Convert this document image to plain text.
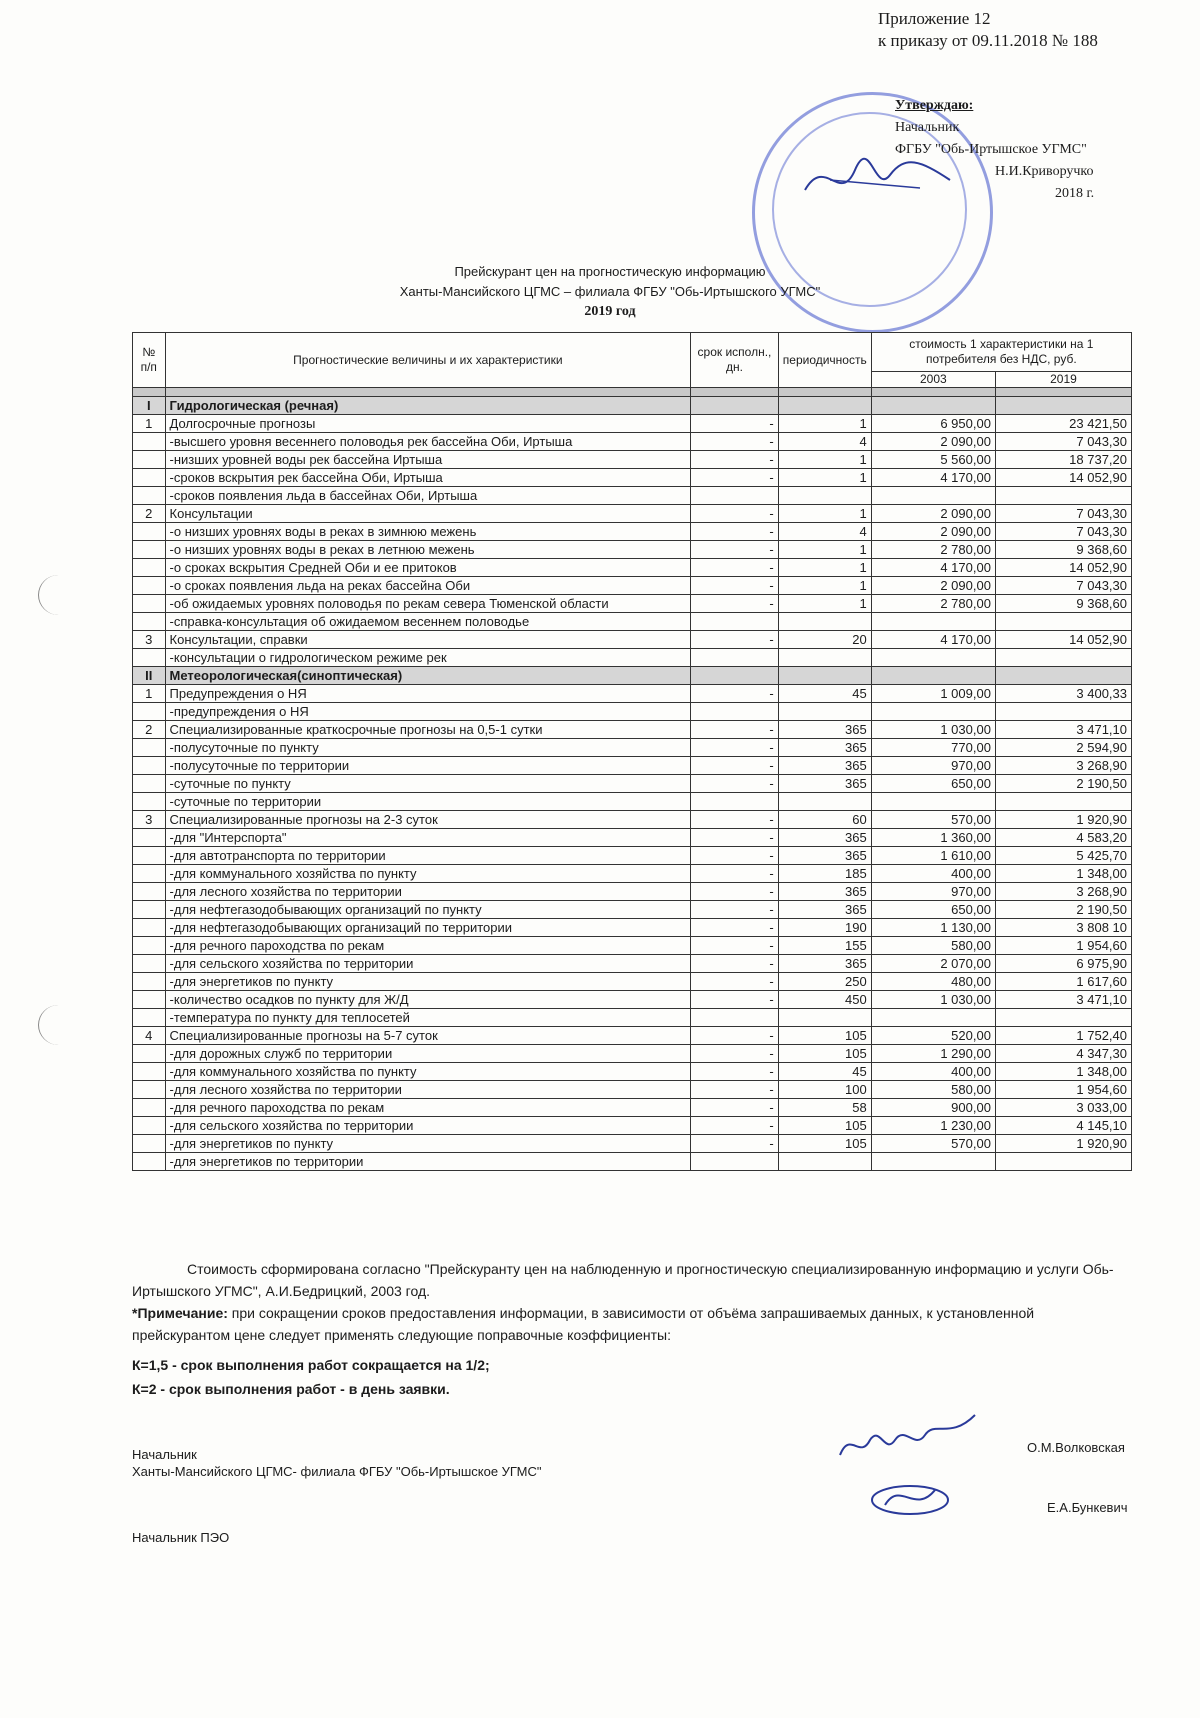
Приложение 12
к приказу от 09.11.2018 № 188
Утверждаю:
Начальник
ФГБУ "Обь-Иртышское УГМС"
Н.И.Криворучко
2018 г.
Прейскурант цен на прогностическую информацию
Ханты-Мансийского ЦГМС – филиала ФГБУ "Обь-Иртышского УГМС"
2019 год
№ п/п	Прогностические величины и их характеристики	срок исполн., дн.	периодичность	стоимость 1 характеристики на 1 потребителя без НДС, руб.	
				2003	2019

I	Гидрологическая (речная)				
1	Долгосрочные прогнозы	-	1	6 950,00	23 421,50
	-высшего уровня весеннего половодья рек бассейна Оби, Иртыша	-	4	2 090,00	7 043,30
	-низших уровней воды рек бассейна Иртыша	-	1	5 560,00	18 737,20
	-сроков вскрытия рек бассейна Оби, Иртыша	-	1	4 170,00	14 052,90
	-сроков появления льда в бассейнах Оби, Иртыша				
2	Консультации	-	1	2 090,00	7 043,30
	-о низших уровнях воды в реках в зимнюю межень	-	4	2 090,00	7 043,30
	-о низших уровнях воды в реках в летнюю межень	-	1	2 780,00	9 368,60
	-о сроках вскрытия Средней Оби и ее притоков	-	1	4 170,00	14 052,90
	-о сроках появления льда на реках бассейна Оби	-	1	2 090,00	7 043,30
	-об ожидаемых уровнях половодья по рекам севера Тюменской области	-	1	2 780,00	9 368,60
	-справка-консультация об ожидаемом весеннем половодье				
3	Консультации, справки	-	20	4 170,00	14 052,90
	-консультации о гидрологическом режиме рек				
II	Метеорологическая(синоптическая)				
1	Предупреждения о НЯ	-	45	1 009,00	3 400,33
	-предупреждения о НЯ				
2	Специализированные краткосрочные прогнозы на 0,5-1 сутки	-	365	1 030,00	3 471,10
	-полусуточные по пункту	-	365	770,00	2 594,90
	-полусуточные по территории	-	365	970,00	3 268,90
	-суточные по пункту	-	365	650,00	2 190,50
	-суточные по территории				
3	Специализированные прогнозы на 2-3 суток	-	60	570,00	1 920,90
	-для "Интерспорта"	-	365	1 360,00	4 583,20
	-для автотранспорта по территории	-	365	1 610,00	5 425,70
	-для коммунального хозяйства по пункту	-	185	400,00	1 348,00
	-для лесного хозяйства по территории	-	365	970,00	3 268,90
	-для нефтегазодобывающих организаций по пункту	-	365	650,00	2 190,50
	-для нефтегазодобывающих организаций по территории	-	190	1 130,00	3 808 10
	-для речного пароходства по рекам	-	155	580,00	1 954,60
	-для сельского хозяйства по территории	-	365	2 070,00	6 975,90
	-для энергетиков по пункту	-	250	480,00	1 617,60
	-количество осадков по пункту для Ж/Д	-	450	1 030,00	3 471,10
	-температура по пункту для теплосетей				
4	Специализированные прогнозы на 5-7 суток	-	105	520,00	1 752,40
	-для дорожных служб по территории	-	105	1 290,00	4 347,30
	-для коммунального хозяйства по пункту	-	45	400,00	1 348,00
	-для лесного хозяйства по территории	-	100	580,00	1 954,60
	-для речного пароходства по рекам	-	58	900,00	3 033,00
	-для сельского хозяйства по территории	-	105	1 230,00	4 145,10
	-для энергетиков по пункту	-	105	570,00	1 920,90
	-для энергетиков по территории				

Стоимость сформирована согласно "Прейскуранту цен на наблюденную и прогностическую специализированную информацию и услуги Обь-Иртышского УГМС", А.И.Бедрицкий, 2003 год.

*Примечание: при сокращении сроков предоставления информации, в зависимости от объёма запрашиваемых данных, к установленной прейскурантом цене следует применять следующие поправочные коэффициенты:

К=1,5 - срок выполнения работ сокращается на 1/2;

К=2 - срок выполнения работ - в день заявки.

Начальник
Ханты-Мансийского ЦГМС- филиала ФГБУ "Обь-Иртышское УГМС"
О.М.Волковская
Е.А.Бункевич
Начальник ПЭО
